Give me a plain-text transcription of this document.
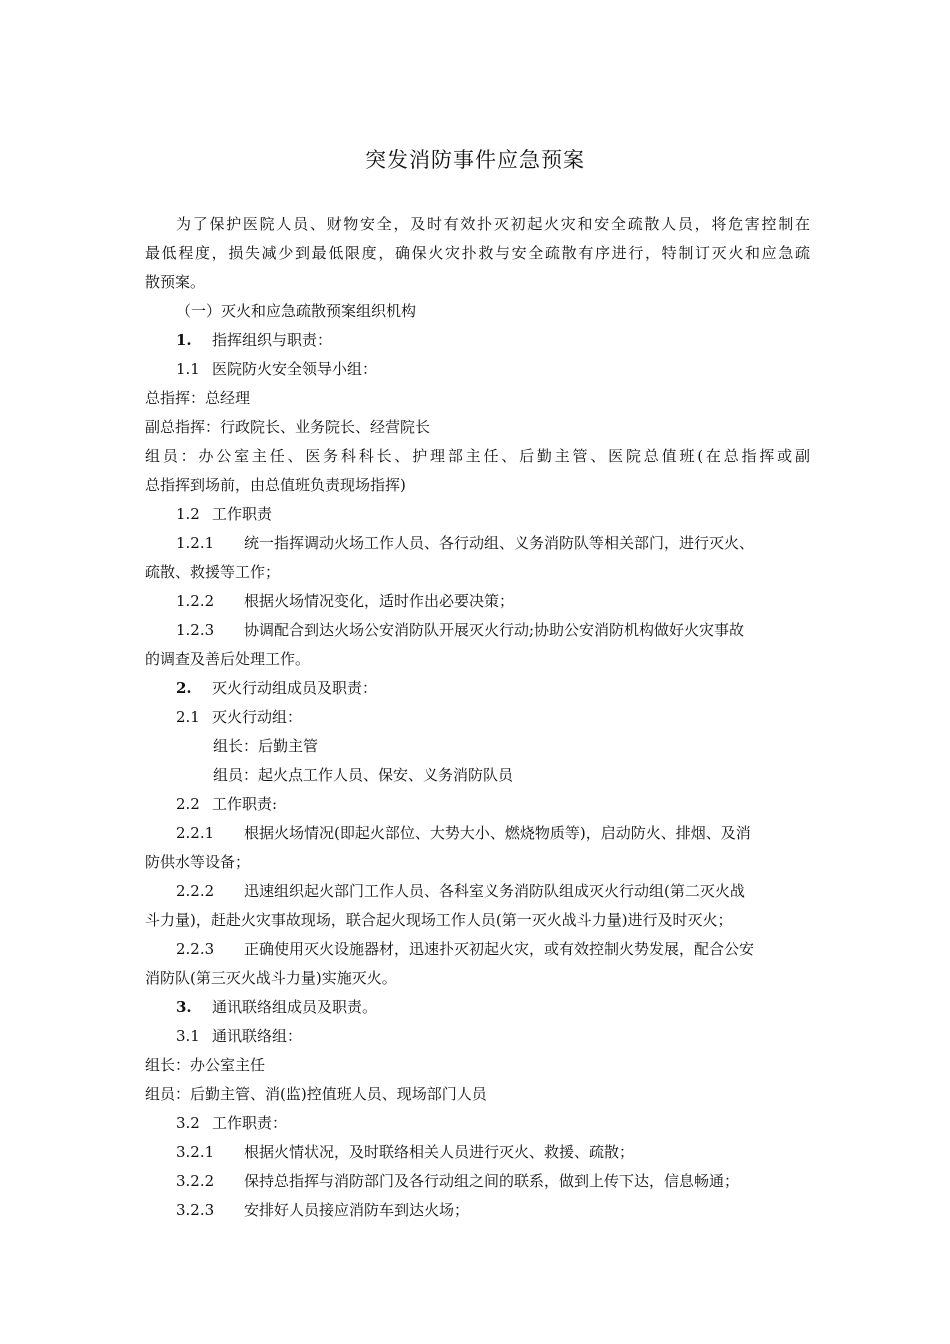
突发消防事件应急预案
为了保护医院人员、财物安全，及时有效扑灭初起火灾和安全疏散人员，将危害控制在
最低程度，损失减少到最低限度，确保火灾扑救与安全疏散有序进行，特制订灭火和应急疏
散预案。
（一）灭火和应急疏散预案组织机构
1. 指挥组织与职责：
1.1 医院防火安全领导小组：
总指挥：总经理
副总指挥：行政院长、业务院长、经营院长
组员：办公室主任、医务科科长、护理部主任、后勤主管、医院总值班(在总指挥或副
总指挥到场前，由总值班负责现场指挥)
1.2 工作职责
1.2.1 统一指挥调动火场工作人员、各行动组、义务消防队等相关部门，进行灭火、
疏散、救援等工作；
1.2.2 根据火场情况变化，适时作出必要决策；
1.2.3 协调配合到达火场公安消防队开展灭火行动;协助公安消防机构做好火灾事故
的调查及善后处理工作。
2. 灭火行动组成员及职责：
2.1 灭火行动组：
组长：后勤主管
组员：起火点工作人员、保安、义务消防队员
2.2 工作职责:
2.2.1 根据火场情况(即起火部位、大势大小、燃烧物质等)，启动防火、排烟、及消
防供水等设备；
2.2.2 迅速组织起火部门工作人员、各科室义务消防队组成灭火行动组(第二灭火战
斗力量)，赶赴火灾事故现场，联合起火现场工作人员(第一灭火战斗力量)进行及时灭火；
2.2.3 正确使用灭火设施器材，迅速扑灭初起火灾，或有效控制火势发展，配合公安
消防队(第三灭火战斗力量)实施灭火。
3. 通讯联络组成员及职责。
3.1 通讯联络组：
组长：办公室主任
组员：后勤主管、消(监)控值班人员、现场部门人员
3.2 工作职责：
3.2.1 根据火情状况，及时联络相关人员进行灭火、救援、疏散；
3.2.2 保持总指挥与消防部门及各行动组之间的联系，做到上传下达，信息畅通；
3.2.3 安排好人员接应消防车到达火场；
